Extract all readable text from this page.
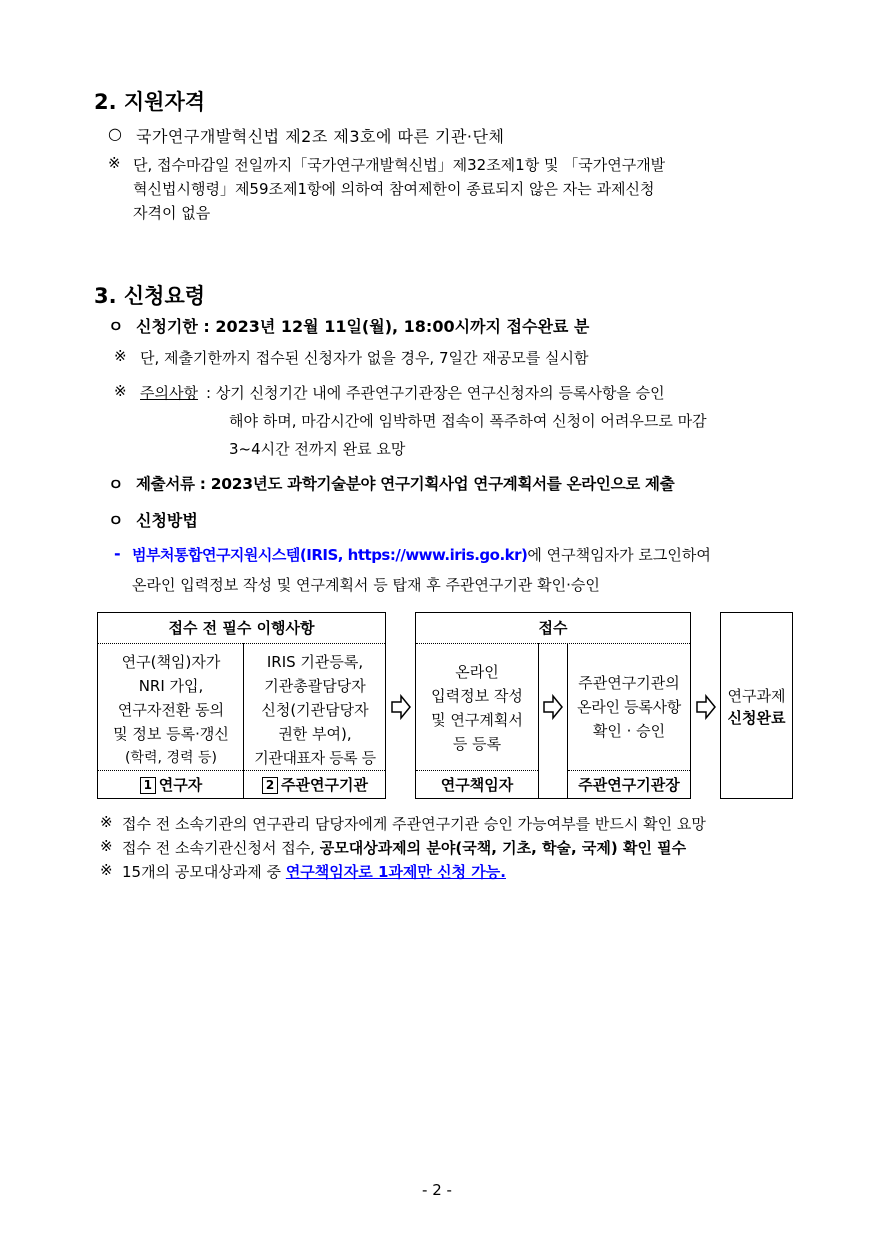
2. 지원자격
○ 국가연구개발혁신법 제2조 제3호에 따른 기관·단체
※ 단, 접수마감일 전일까지「국가연구개발혁신법」제32조제1항 및 「국가연구개발
혁신법시행령」제59조제1항에 의하여 참여제한이 종료되지 않은 자는 과제신청
자격이 없음
3. 신청요령
ㅇ 신청기한 : 2023년 12월 11일(월), 18:00시까지 접수완료 분
※ 단, 제출기한까지 접수된 신청자가 없을 경우, 7일간 재공모를 실시함
※ 주의사항 : 상기 신청기간 내에 주관연구기관장은 연구신청자의 등록사항을 승인
해야 하며, 마감시간에 임박하면 접속이 폭주하여 신청이 어려우므로 마감
3~4시간 전까지 완료 요망
ㅇ 제출서류 : 2023년도 과학기술분야 연구기획사업 연구계획서를 온라인으로 제출
ㅇ 신청방법
- 범부처통합연구지원시스템(IRIS, https://www.iris.go.kr)에 연구책임자가 로그인하여
온라인 입력정보 작성 및 연구계획서 등 탑재 후 주관연구기관 확인·승인
접수 전 필수 이행사항
연구(책임)자가
NRI 가입,
연구자전환 동의
및 정보 등록·갱신
(학력, 경력 등)
1 연구자
IRIS 기관등록,
기관총괄담당자
신청(기관담당자
권한 부여),
기관대표자 등록 등
2 주관연구기관
접수
온라인
입력정보 작성
및 연구계획서
등 등록
연구책임자
주관연구기관의
온라인 등록사항
확인 · 승인
주관연구기관장
연구과제
신청완료
※ 접수 전 소속기관의 연구관리 담당자에게 주관연구기관 승인 가능여부를 반드시 확인 요망
※ 접수 전 소속기관신청서 접수, 공모대상과제의 분야(국책, 기초, 학술, 국제) 확인 필수
※ 15개의 공모대상과제 중 연구책임자로 1과제만 신청 가능.
- 2 -
